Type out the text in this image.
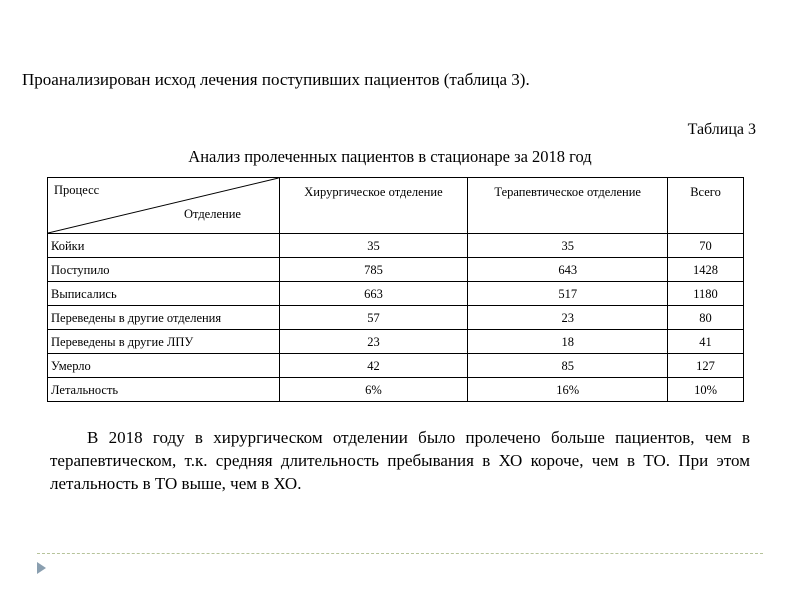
Проанализирован исход лечения поступивших пациентов (таблица 3).

Таблица 3

Анализ пролеченных пациентов в стационаре за 2018 год

Процесс
Отделение	Хирургическое отделение	Терапевтическое отделение	Всего
Койки	35	35	70
Поступило	785	643	1428
Выписались	663	517	1180
Переведены в другие отделения	57	23	80
Переведены в другие ЛПУ	23	18	41
Умерло	42	85	127
Летальность	6%	16%	10%

В 2018 году в хирургическом отделении было пролечено больше пациентов, чем в терапевтическом, т.к. средняя длительность пребывания в ХО короче, чем в ТО. При этом летальность в ТО выше, чем в ХО.
